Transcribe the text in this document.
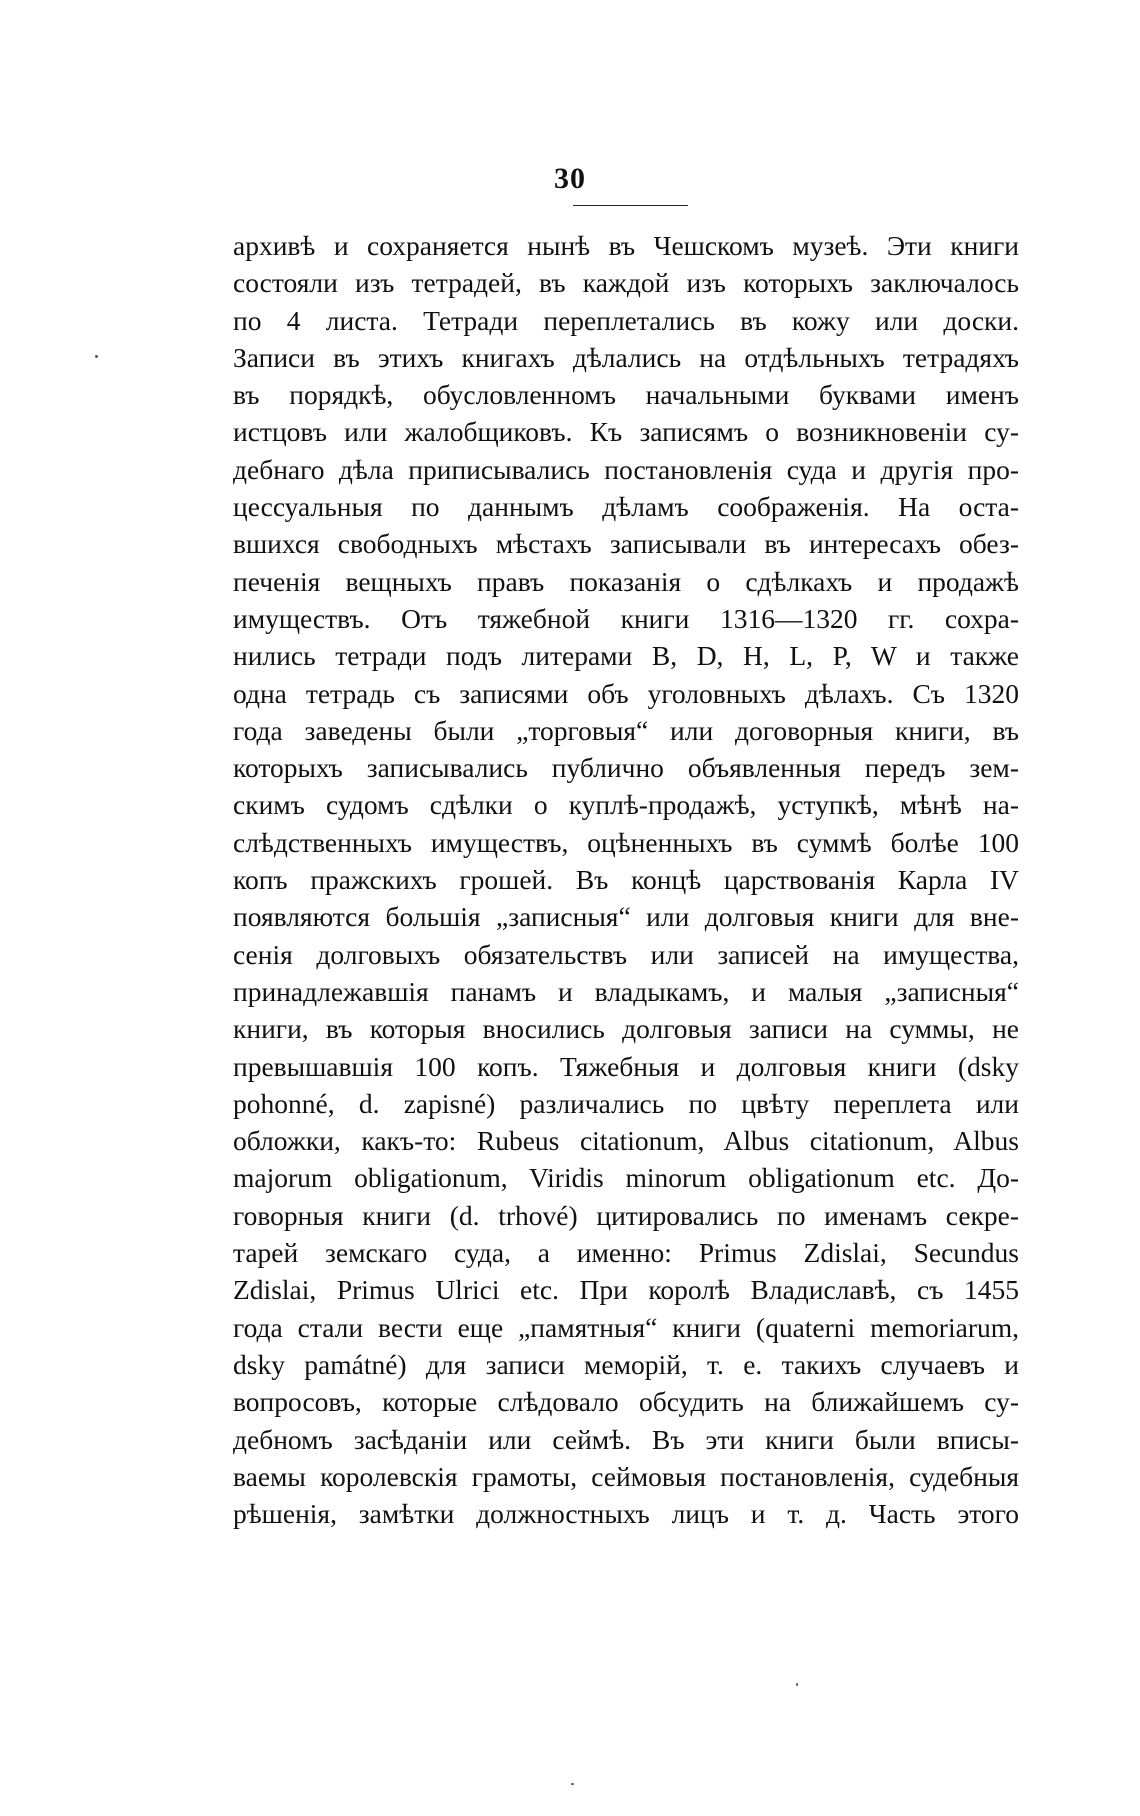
30
архивѣ и сохраняется нынѣ въ Чешскомъ музеѣ. Эти книги
состояли изъ тетрадей, въ каждой изъ которыхъ заключалось
по 4 листа. Тетради переплетались въ кожу или доски.
Записи въ этихъ книгахъ дѣлались на отдѣльныхъ тетрадяхъ
въ порядкѣ, обусловленномъ начальными буквами именъ
истцовъ или жалобщиковъ. Къ записямъ о возникновенiи су-
дебнаго дѣла приписывались постановленiя суда и другiя про-
цессуальныя по даннымъ дѣламъ соображенiя. На оста-
вшихся свободныхъ мѣстахъ записывали въ интересахъ обез-
печенiя вещныхъ правъ показанiя о сдѣлкахъ и продажѣ
имуществъ. Отъ тяжебной книги 1316—1320 гг. сохра-
нились тетради подъ литерами B, D, H, L, P, W и также
одна тетрадь съ записями объ уголовныхъ дѣлахъ. Съ 1320
года заведены были „торговыя“ или договорныя книги, въ
которыхъ записывались публично объявленныя передъ зем-
скимъ судомъ сдѣлки о куплѣ-продажѣ, уступкѣ, мѣнѣ на-
слѣдственныхъ имуществъ, оцѣненныхъ въ суммѣ болѣе 100
копъ пражскихъ грошей. Въ концѣ царствованiя Карла IV
появляются большiя „записныя“ или долговыя книги для вне-
сенiя долговыхъ обязательствъ или записей на имущества,
принадлежавшiя панамъ и владыкамъ, и малыя „записныя“
книги, въ которыя вносились долговыя записи на суммы, не
превышавшiя 100 копъ. Тяжебныя и долговыя книги (dsky
pohonné, d. zapisné) различались по цвѣту переплета или
обложки, какъ-то: Rubeus citationum, Albus citationum, Albus
majorum obligationum, Viridis minorum obligationum etc. До-
говорныя книги (d. trhové) цитировались по именамъ секре-
тарей земскаго суда, а именно: Primus Zdislai, Secundus
Zdislai, Primus Ulrici etc. При королѣ Владиславѣ, съ 1455
года стали вести еще „памятныя“ книги (quaterni memoriarum,
dsky památné) для записи меморiй, т. е. такихъ случаевъ и
вопросовъ, которые слѣдовало обсудить на ближайшемъ су-
дебномъ засѣданiи или сеймѣ. Въ эти книги были вписы-
ваемы королевскiя грамоты, сеймовыя постановленiя, судебныя
рѣшенiя, замѣтки должностныхъ лицъ и т. д. Часть этого
